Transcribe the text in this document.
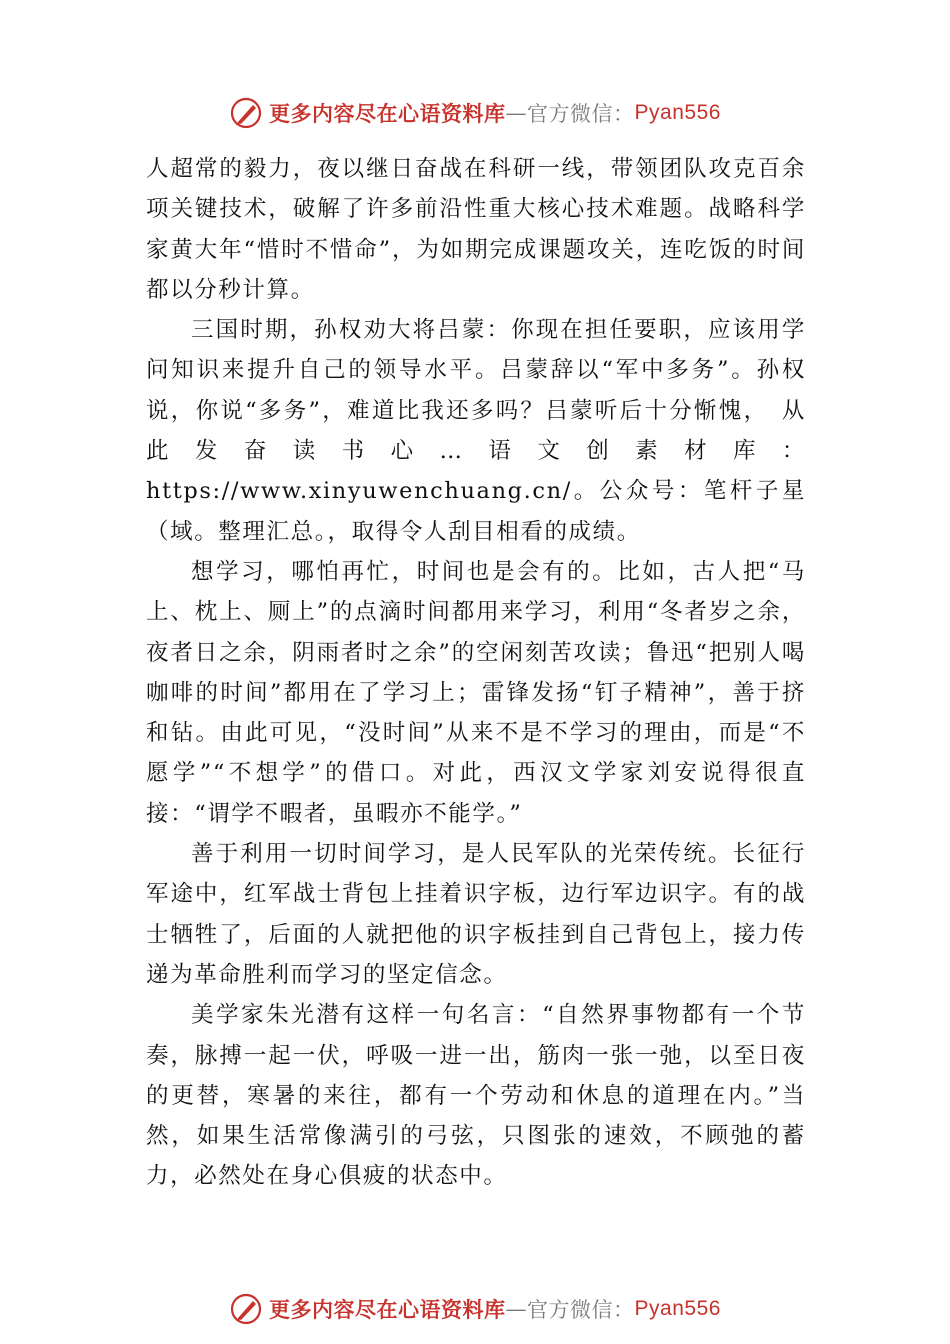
更多内容尽在心语资料库 — 官方微信： Pyan556

人超常的毅力，夜以继日奋战在科研一线，带领团队攻克百余项关键技术，破解了许多前沿性重大核心技术难题。战略科学家黄大年“惜时不惜命”，为如期完成课题攻关，连吃饭的时间都以分秒计算。

三国时期，孙权劝大将吕蒙：你现在担任要职，应该用学问知识来提升自己的领导水平。吕蒙辞以“军中多务”。孙权说，你说“多务”，难道比我还多吗？吕蒙听后十分惭愧，　从此发奋读书心…语文创素材库：https://www.xinyuwenchuang.cn/。公众号：笔杆子星（域。整理汇总。，取得令人刮目相看的成绩。

想学习，哪怕再忙，时间也是会有的。比如，古人把“马上、枕上、厕上”的点滴时间都用来学习，利用“冬者岁之余，夜者日之余，阴雨者时之余”的空闲刻苦攻读；鲁迅“把别人喝咖啡的时间”都用在了学习上；雷锋发扬“钉子精神”，善于挤和钻。由此可见，“没时间”从来不是不学习的理由，而是“不愿学”“不想学”的借口。对此，西汉文学家刘安说得很直接：“谓学不暇者，虽暇亦不能学。”

善于利用一切时间学习，是人民军队的光荣传统。长征行军途中，红军战士背包上挂着识字板，边行军边识字。有的战士牺牲了，后面的人就把他的识字板挂到自己背包上，接力传递为革命胜利而学习的坚定信念。

美学家朱光潜有这样一句名言：“自然界事物都有一个节奏，脉搏一起一伏，呼吸一进一出，筋肉一张一弛，以至日夜的更替，寒暑的来往，都有一个劳动和休息的道理在内。”当然，如果生活常像满引的弓弦，只图张的速效，不顾弛的蓄力，必然处在身心俱疲的状态中。

更多内容尽在心语资料库 — 官方微信： Pyan556
